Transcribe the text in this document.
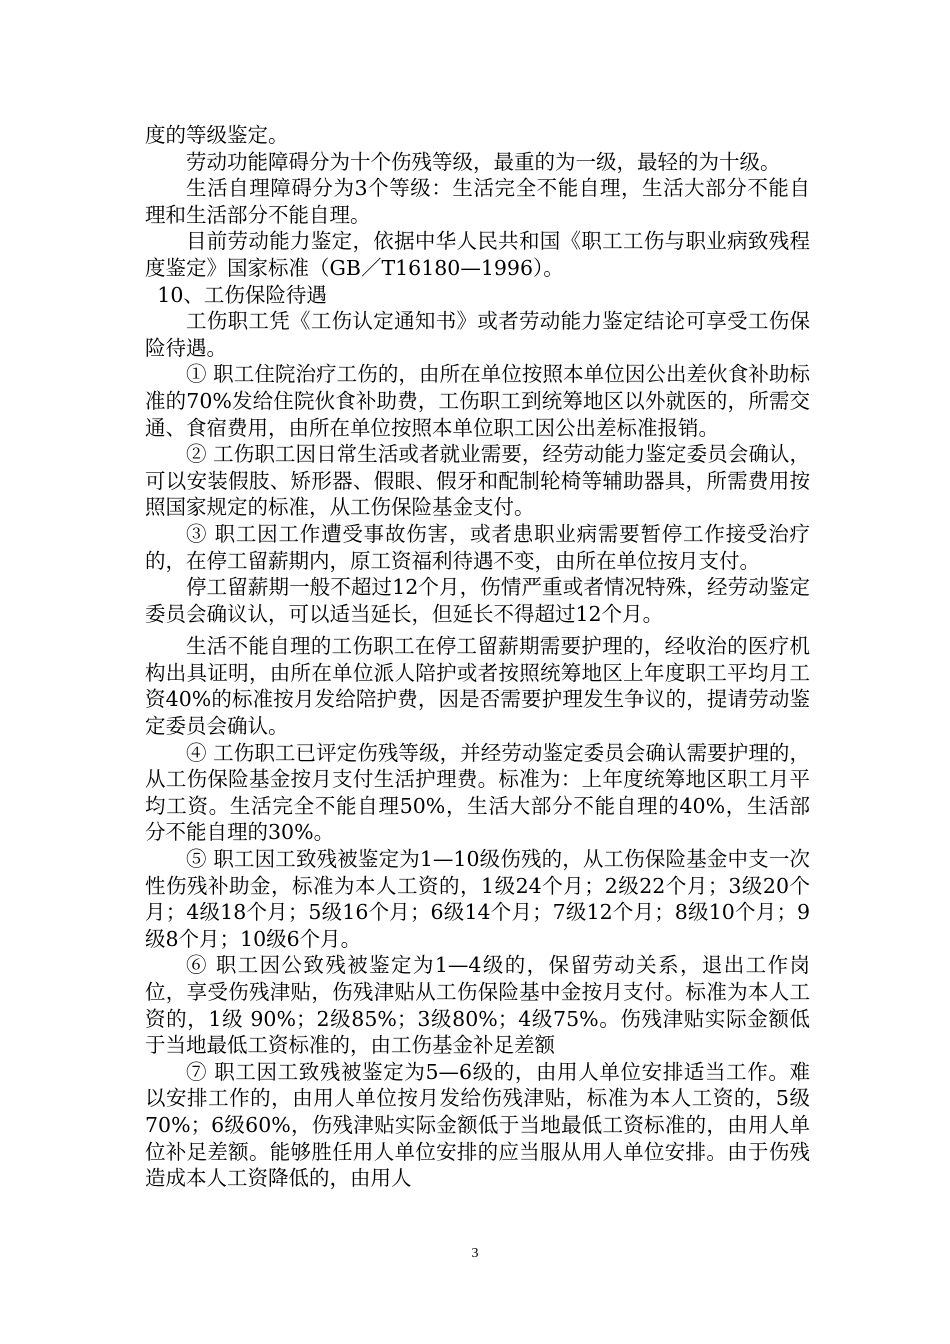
度的等级鉴定。

劳动功能障碍分为十个伤残等级，最重的为一级，最轻的为十级。

生活自理障碍分为3个等级：生活完全不能自理，生活大部分不能自理和生活部分不能自理。

目前劳动能力鉴定，依据中华人民共和国《职工工伤与职业病致残程度鉴定》国家标准（GB／T16180—1996）。

10、工伤保险待遇

工伤职工凭《工伤认定通知书》或者劳动能力鉴定结论可享受工伤保险待遇。

① 职工住院治疗工伤的，由所在单位按照本单位因公出差伙食补助标准的70%发给住院伙食补助费，工伤职工到统筹地区以外就医的，所需交通、食宿费用，由所在单位按照本单位职工因公出差标准报销。

② 工伤职工因日常生活或者就业需要，经劳动能力鉴定委员会确认，可以安装假肢、矫形器、假眼、假牙和配制轮椅等辅助器具，所需费用按照国家规定的标准，从工伤保险基金支付。

③ 职工因工作遭受事故伤害，或者患职业病需要暂停工作接受治疗的，在停工留薪期内，原工资福利待遇不变，由所在单位按月支付。

停工留薪期一般不超过12个月，伤情严重或者情况特殊，经劳动鉴定委员会确议认，可以适当延长，但延长不得超过12个月。

生活不能自理的工伤职工在停工留薪期需要护理的，经收治的医疗机构出具证明，由所在单位派人陪护或者按照统筹地区上年度职工平均月工资40%的标准按月发给陪护费，因是否需要护理发生争议的，提请劳动鉴定委员会确认。

④ 工伤职工已评定伤残等级，并经劳动鉴定委员会确认需要护理的，从工伤保险基金按月支付生活护理费。标准为：上年度统筹地区职工月平均工资。生活完全不能自理50%，生活大部分不能自理的40%，生活部分不能自理的30%。

⑤ 职工因工致残被鉴定为1—10级伤残的，从工伤保险基金中支一次性伤残补助金，标准为本人工资的，1级24个月；2级22个月；3级20个月；4级18个月；5级16个月；6级14个月；7级12个月；8级10个月；9级8个月；10级6个月。

⑥ 职工因公致残被鉴定为1—4级的，保留劳动关系，退出工作岗位，享受伤残津贴，伤残津贴从工伤保险基中金按月支付。标准为本人工资的，1级 90%；2级85%；3级80%；4级75%。伤残津贴实际金额低于当地最低工资标准的，由工伤基金补足差额

⑦ 职工因工致残被鉴定为5—6级的，由用人单位安排适当工作。难以安排工作的，由用人单位按月发给伤残津贴，标准为本人工资的，5级70%；6级60%，伤残津贴实际金额低于当地最低工资标准的，由用人单位补足差额。能够胜任用人单位安排的应当服从用人单位安排。由于伤残造成本人工资降低的，由用人

3
